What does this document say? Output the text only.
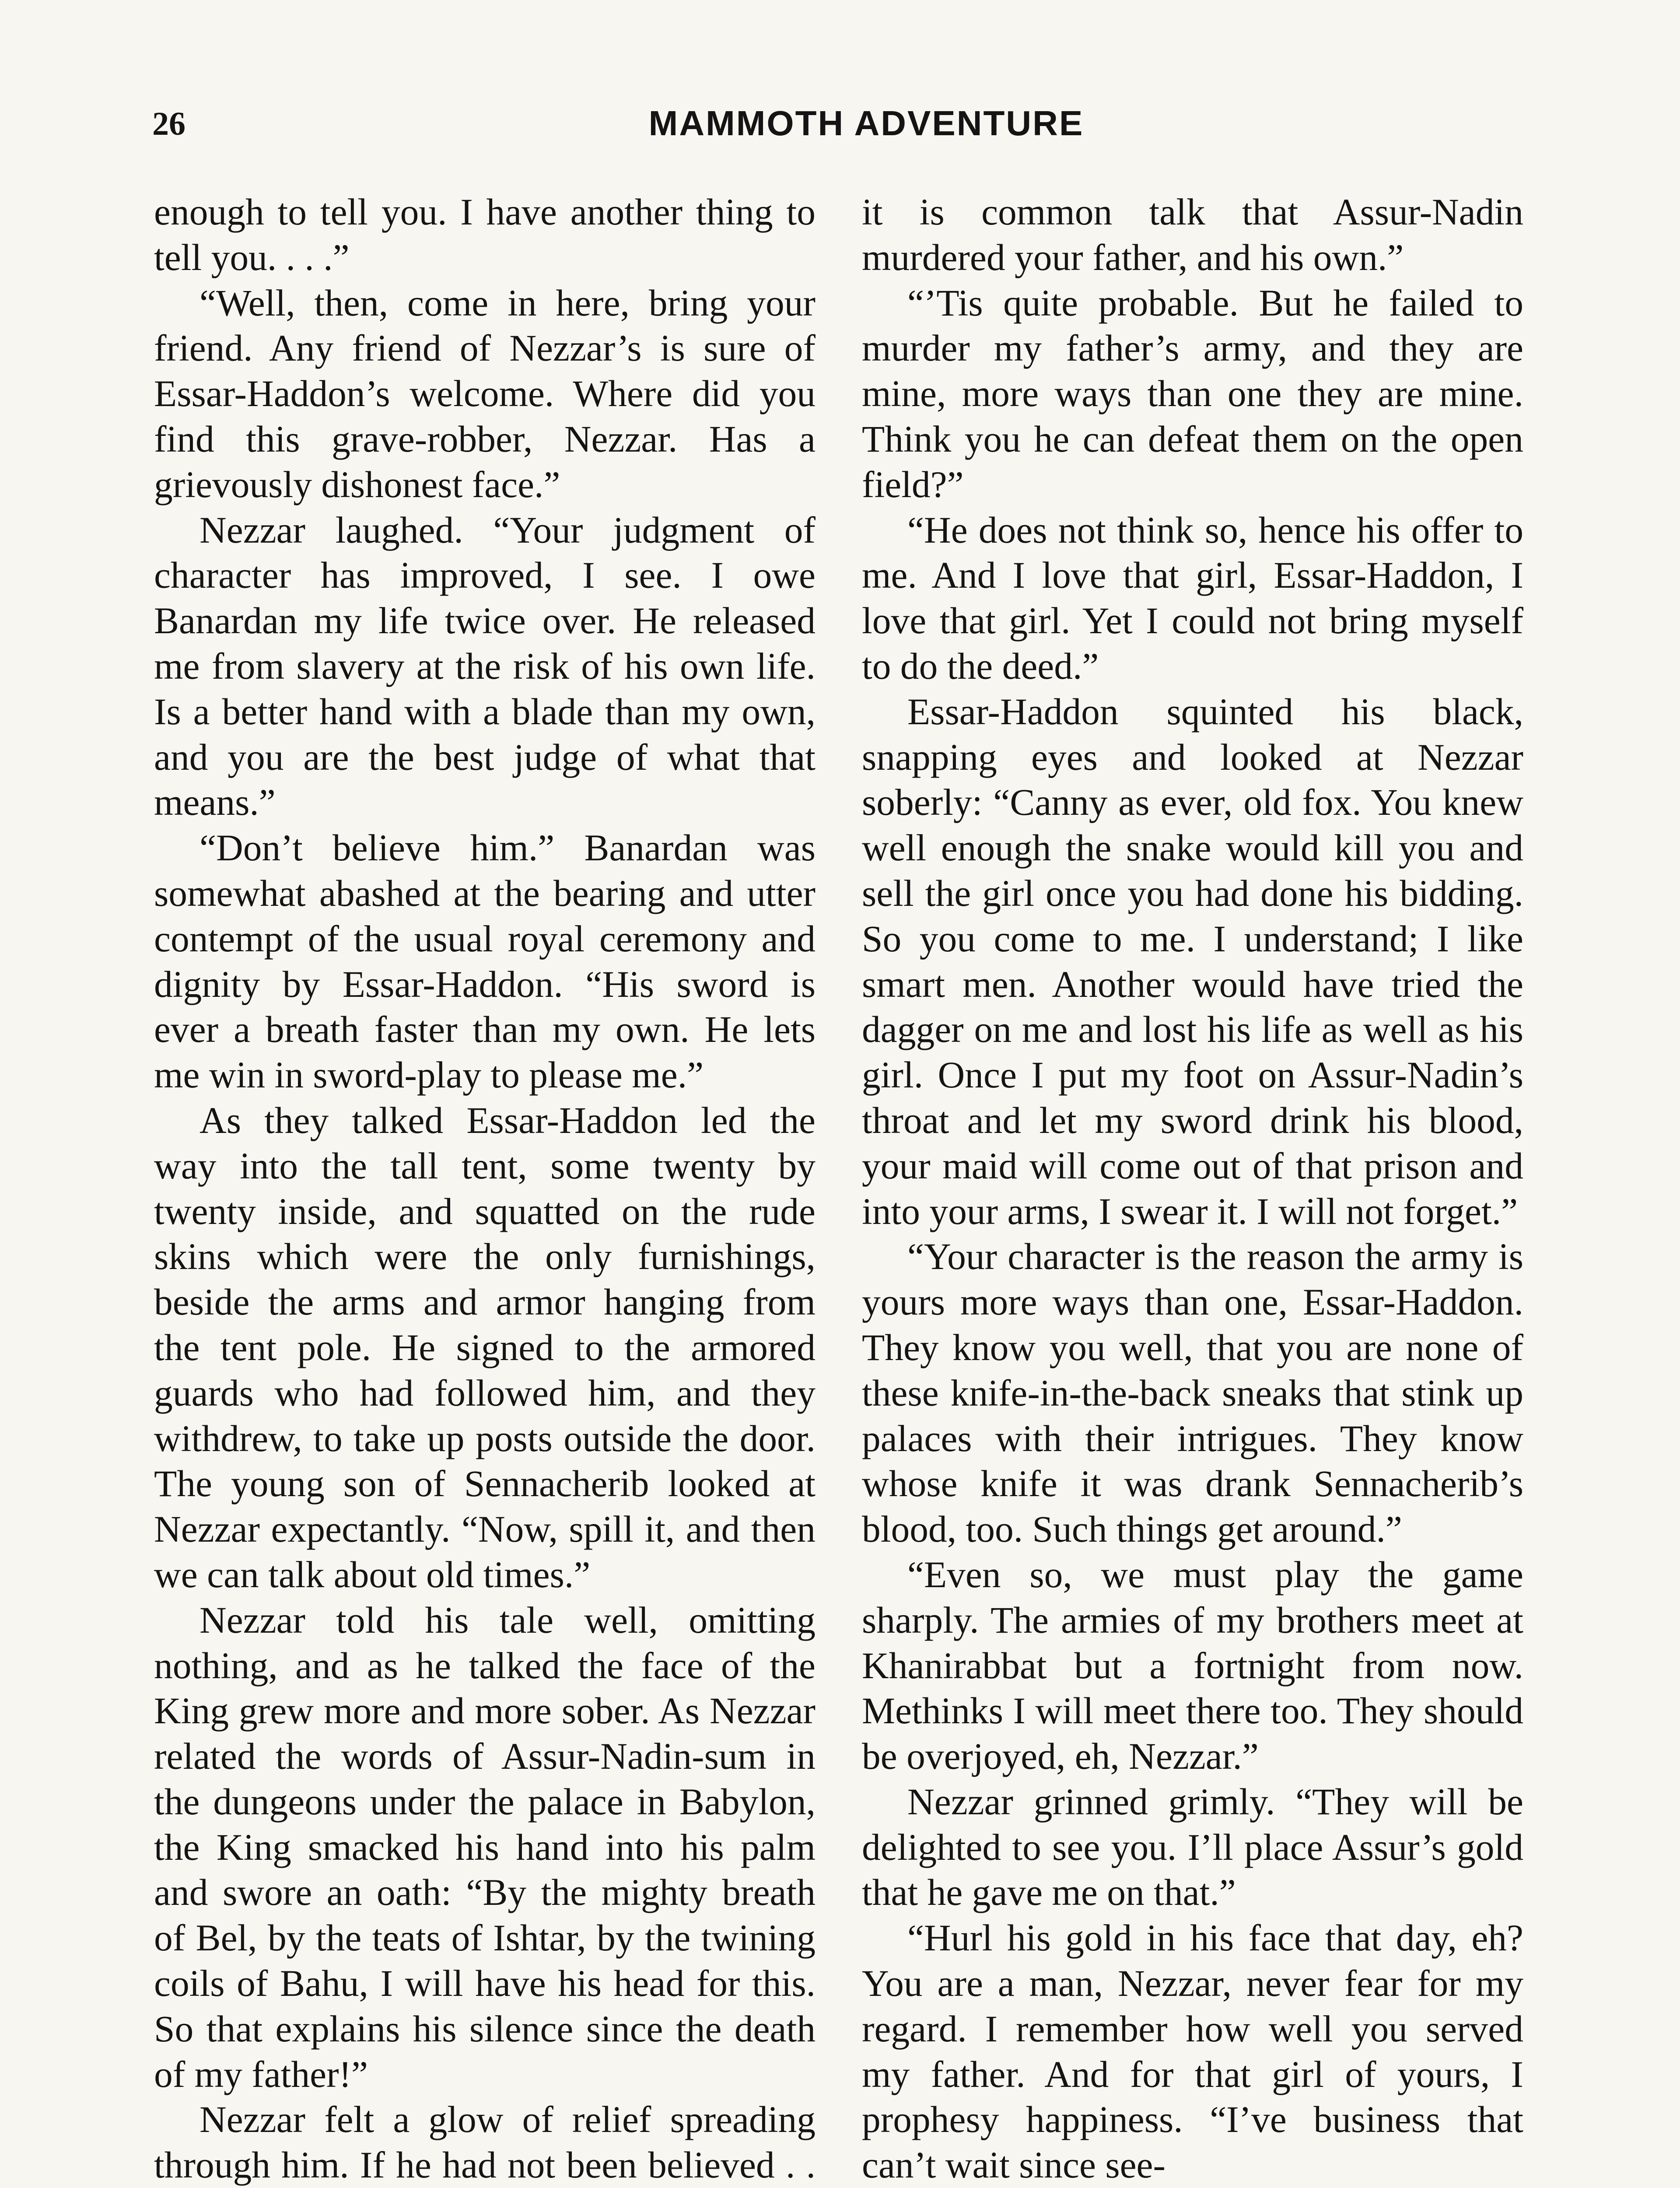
26	MAMMOTH ADVENTURE

enough to tell you. I have another thing to tell you. . . .”

“Well, then, come in here, bring your friend. Any friend of Nezzar’s is sure of Essar-Haddon’s welcome. Where did you find this grave-robber, Nezzar. Has a grievously dishonest face.”

Nezzar laughed. “Your judgment of character has improved, I see. I owe Banardan my life twice over. He released me from slavery at the risk of his own life. Is a better hand with a blade than my own, and you are the best judge of what that means.”

“Don’t believe him.” Banardan was somewhat abashed at the bearing and utter contempt of the usual royal ceremony and dignity by Essar-Haddon. “His sword is ever a breath faster than my own. He lets me win in sword-play to please me.”

As they talked Essar-Haddon led the way into the tall tent, some twenty by twenty inside, and squatted on the rude skins which were the only furnishings, beside the arms and armor hanging from the tent pole. He signed to the armored guards who had followed him, and they withdrew, to take up posts outside the door. The young son of Sennacherib looked at Nezzar expectantly. “Now, spill it, and then we can talk about old times.”

Nezzar told his tale well, omitting nothing, and as he talked the face of the King grew more and more sober. As Nezzar related the words of Assur-Nadin-sum in the dungeons under the palace in Babylon, the King smacked his hand into his palm and swore an oath: “By the mighty breath of Bel, by the teats of Ishtar, by the twining coils of Bahu, I will have his head for this. So that explains his silence since the death of my father!”

Nezzar felt a glow of relief spreading through him. If he had not been believed . .

it is common talk that Assur-Nadin murdered your father, and his own.”

“’Tis quite probable. But he failed to murder my father’s army, and they are mine, more ways than one they are mine. Think you he can defeat them on the open field?”

“He does not think so, hence his offer to me. And I love that girl, Essar-Haddon, I love that girl. Yet I could not bring myself to do the deed.”

Essar-Haddon squinted his black, snapping eyes and looked at Nezzar soberly: “Canny as ever, old fox. You knew well enough the snake would kill you and sell the girl once you had done his bidding. So you come to me. I understand; I like smart men. Another would have tried the dagger on me and lost his life as well as his girl. Once I put my foot on Assur-Nadin’s throat and let my sword drink his blood, your maid will come out of that prison and into your arms, I swear it. I will not forget.”

“Your character is the reason the army is yours more ways than one, Essar-Haddon. They know you well, that you are none of these knife-in-the-back sneaks that stink up palaces with their intrigues. They know whose knife it was drank Sennacherib’s blood, too. Such things get around.”

“Even so, we must play the game sharply. The armies of my brothers meet at Khanirabbat but a fortnight from now. Methinks I will meet there too. They should be overjoyed, eh, Nezzar.”

Nezzar grinned grimly. “They will be delighted to see you. I’ll place Assur’s gold that he gave me on that.”

“Hurl his gold in his face that day, eh? You are a man, Nezzar, never fear for my regard. I remember how well you served my father. And for that girl of yours, I prophesy happiness. “I’ve business that can’t wait since see-
